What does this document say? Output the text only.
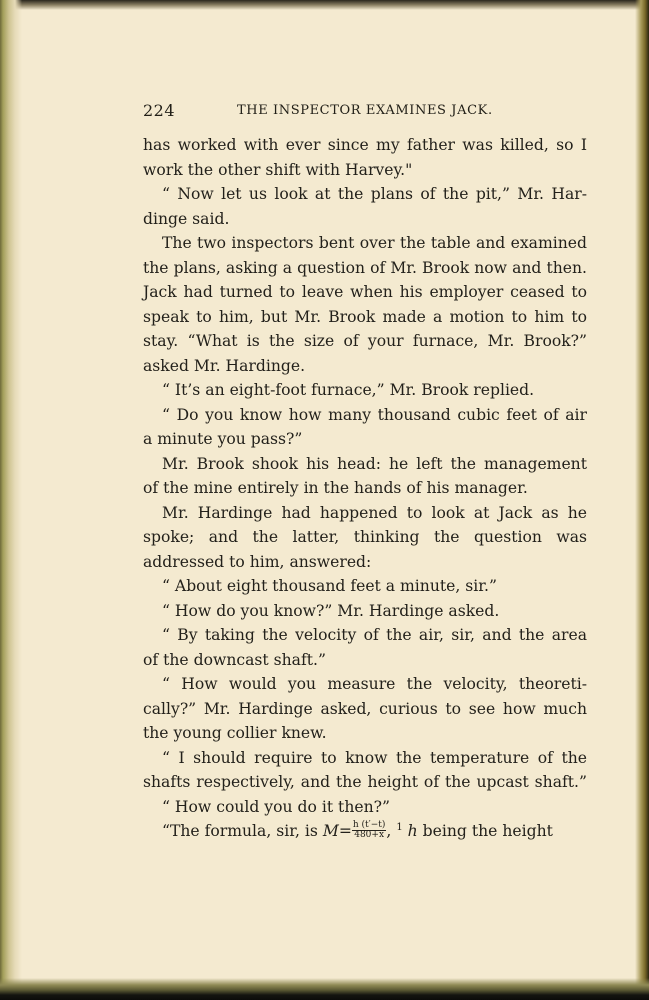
224	THE INSPECTOR EXAMINES JACK.
has worked with ever since my father was killed, so I
work the other shift with Harvey."
“ Now let us look at the plans of the pit,” Mr. Har-
dinge said.
The two inspectors bent over the table and examined
the plans, asking a question of Mr. Brook now and then.
Jack had turned to leave when his employer ceased to
speak to him, but Mr. Brook made a motion to him to
stay. “What is the size of your furnace, Mr. Brook?”
asked Mr. Hardinge.
“ It’s an eight-foot furnace,” Mr. Brook replied.
“ Do you know how many thousand cubic feet of air
a minute you pass?”
Mr. Brook shook his head: he left the management
of the mine entirely in the hands of his manager.
Mr. Hardinge had happened to look at Jack as he
spoke; and the latter, thinking the question was
addressed to him, answered:
“ About eight thousand feet a minute, sir.”
“ How do you know?” Mr. Hardinge asked.
“ By taking the velocity of the air, sir, and the area
of the downcast shaft.”
“ How would you measure the velocity, theoreti-
cally?” Mr. Hardinge asked, curious to see how much
the young collier knew.
“ I should require to know the temperature of the
shafts respectively, and the height of the upcast shaft.”
“ How could you do it then?”
“The formula, sir, is $M= \frac{h (t'-t)}{480+x}$ , $^1$ h being the height
